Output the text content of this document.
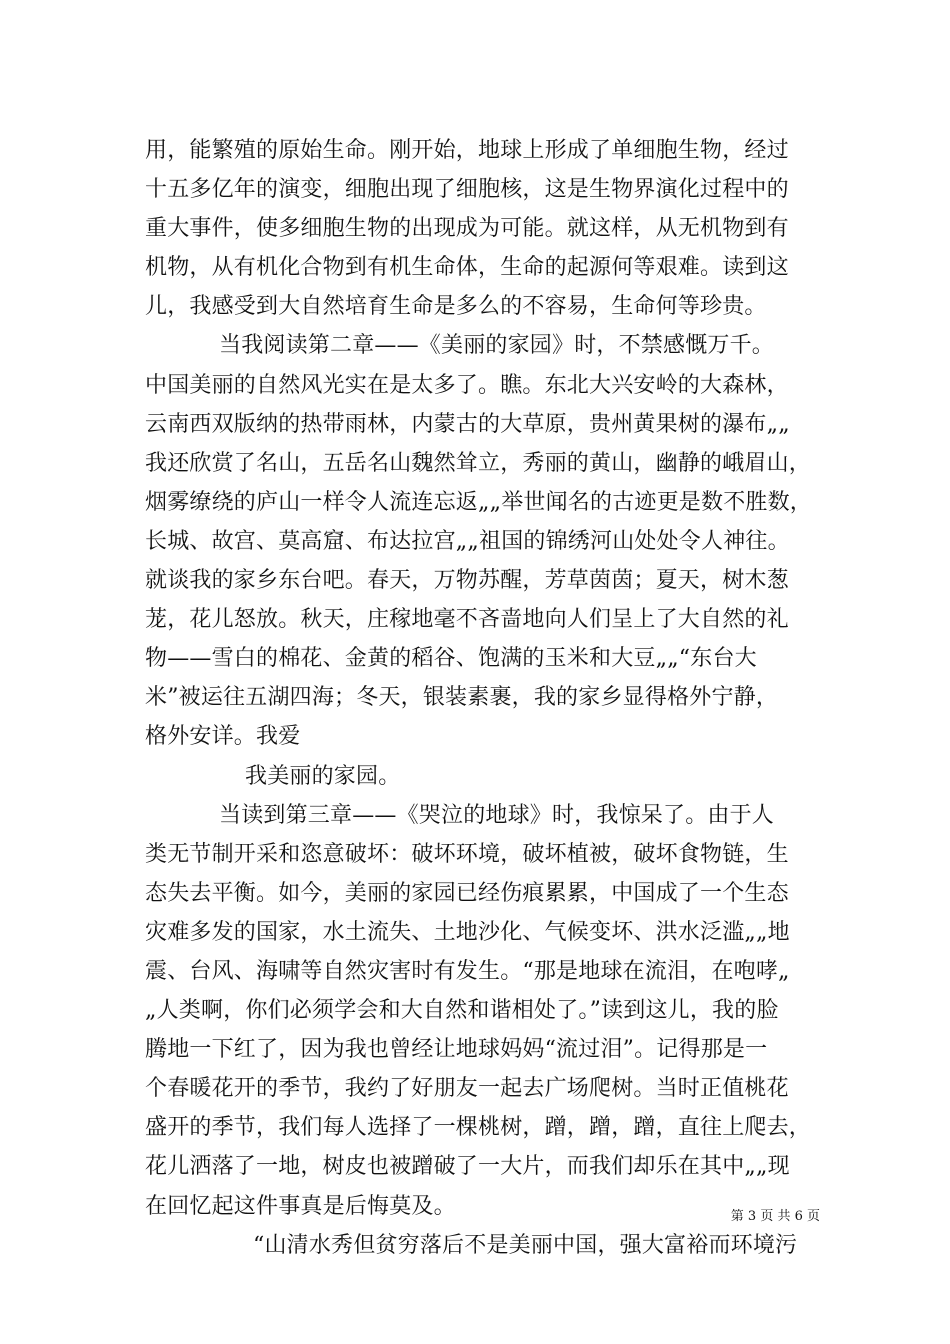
用，能繁殖的原始生命。刚开始，地球上形成了单细胞生物，经过
十五多亿年的演变，细胞出现了细胞核，这是生物界演化过程中的
重大事件，使多细胞生物的出现成为可能。就这样，从无机物到有
机物，从有机化合物到有机生命体，生命的起源何等艰难。读到这
儿，我感受到大自然培育生命是多么的不容易，生命何等珍贵。
当我阅读第二章——《美丽的家园》时，不禁感慨万千。
中国美丽的自然风光实在是太多了。瞧。东北大兴安岭的大森林，
云南西双版纳的热带雨林，内蒙古的大草原，贵州黄果树的瀑布„„
我还欣赏了名山，五岳名山魏然耸立，秀丽的黄山，幽静的峨眉山，
烟雾缭绕的庐山一样令人流连忘返„„举世闻名的古迹更是数不胜数，
长城、故宫、莫高窟、布达拉宫„„祖国的锦绣河山处处令人神往。
就谈我的家乡东台吧。春天，万物苏醒，芳草茵茵；夏天，树木葱
茏，花儿怒放。秋天，庄稼地毫不吝啬地向人们呈上了大自然的礼
物——雪白的棉花、金黄的稻谷、饱满的玉米和大豆„„“东台大
米”被运往五湖四海；冬天，银装素裹，我的家乡显得格外宁静，
格外安详。我爱
我美丽的家园。
当读到第三章——《哭泣的地球》时，我惊呆了。由于人
类无节制开采和恣意破坏：破坏环境，破坏植被，破坏食物链，生
态失去平衡。如今，美丽的家园已经伤痕累累，中国成了一个生态
灾难多发的国家，水土流失、土地沙化、气候变坏、洪水泛滥„„地
震、台风、海啸等自然灾害时有发生。“那是地球在流泪，在咆哮„
„人类啊，你们必须学会和大自然和谐相处了。”读到这儿，我的脸
腾地一下红了，因为我也曾经让地球妈妈“流过泪”。记得那是一
个春暖花开的季节，我约了好朋友一起去广场爬树。当时正值桃花
盛开的季节，我们每人选择了一棵桃树，蹭，蹭，蹭，直往上爬去，
花儿洒落了一地，树皮也被蹭破了一大片，而我们却乐在其中„„现
在回忆起这件事真是后悔莫及。
“山清水秀但贫穷落后不是美丽中国，强大富裕而环境污
第 3 页 共 6 页
